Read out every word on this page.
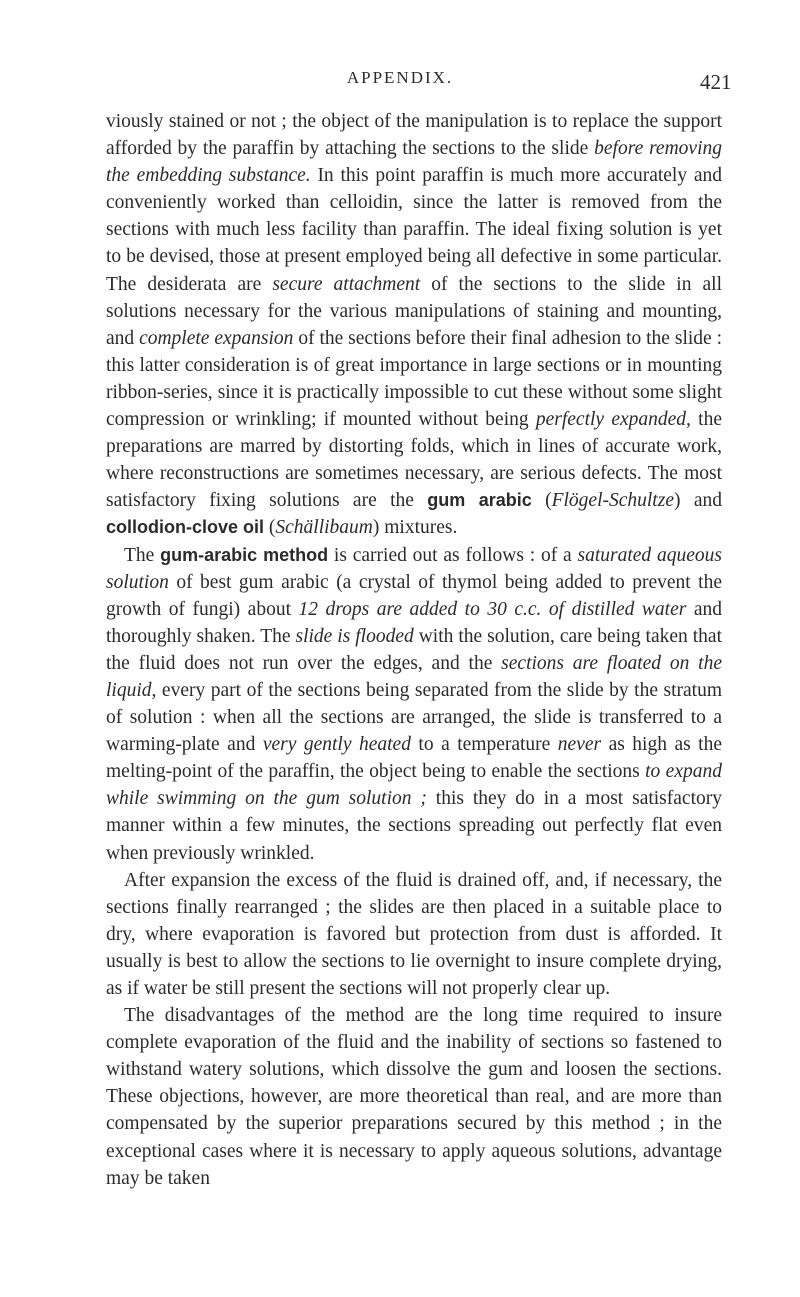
APPENDIX.	421

viously stained or not ; the object of the manipulation is to replace the support afforded by the paraffin by attaching the sections to the slide before removing the embedding substance. In this point paraffin is much more accurately and conveniently worked than celloidin, since the latter is removed from the sections with much less facility than paraffin. The ideal fixing solution is yet to be devised, those at present employed being all defective in some particular. The desiderata are secure attachment of the sections to the slide in all solutions necessary for the various manipulations of staining and mounting, and complete expansion of the sections before their final adhesion to the slide : this latter consideration is of great importance in large sections or in mounting ribbon-series, since it is practically impossible to cut these without some slight compression or wrinkling; if mounted without being perfectly expanded, the preparations are marred by distorting folds, which in lines of accurate work, where reconstructions are sometimes necessary, are serious defects. The most satisfactory fixing solutions are the gum arabic (Flögel-Schultze) and collodion-clove oil (Schällibaum) mixtures.

The gum-arabic method is carried out as follows : of a saturated aqueous solution of best gum arabic (a crystal of thymol being added to prevent the growth of fungi) about 12 drops are added to 30 c.c. of distilled water and thoroughly shaken. The slide is flooded with the solution, care being taken that the fluid does not run over the edges, and the sections are floated on the liquid, every part of the sections being separated from the slide by the stratum of solution : when all the sections are arranged, the slide is transferred to a warming-plate and very gently heated to a temperature never as high as the melting-point of the paraffin, the object being to enable the sections to expand while swimming on the gum solution ; this they do in a most satisfactory manner within a few minutes, the sections spreading out perfectly flat even when previously wrinkled.

After expansion the excess of the fluid is drained off, and, if necessary, the sections finally rearranged ; the slides are then placed in a suitable place to dry, where evaporation is favored but protection from dust is afforded. It usually is best to allow the sections to lie overnight to insure complete drying, as if water be still present the sections will not properly clear up.

The disadvantages of the method are the long time required to insure complete evaporation of the fluid and the inability of sections so fastened to withstand watery solutions, which dissolve the gum and loosen the sections. These objections, however, are more theoretical than real, and are more than compensated by the superior preparations secured by this method ; in the exceptional cases where it is necessary to apply aqueous solutions, advantage may be taken
